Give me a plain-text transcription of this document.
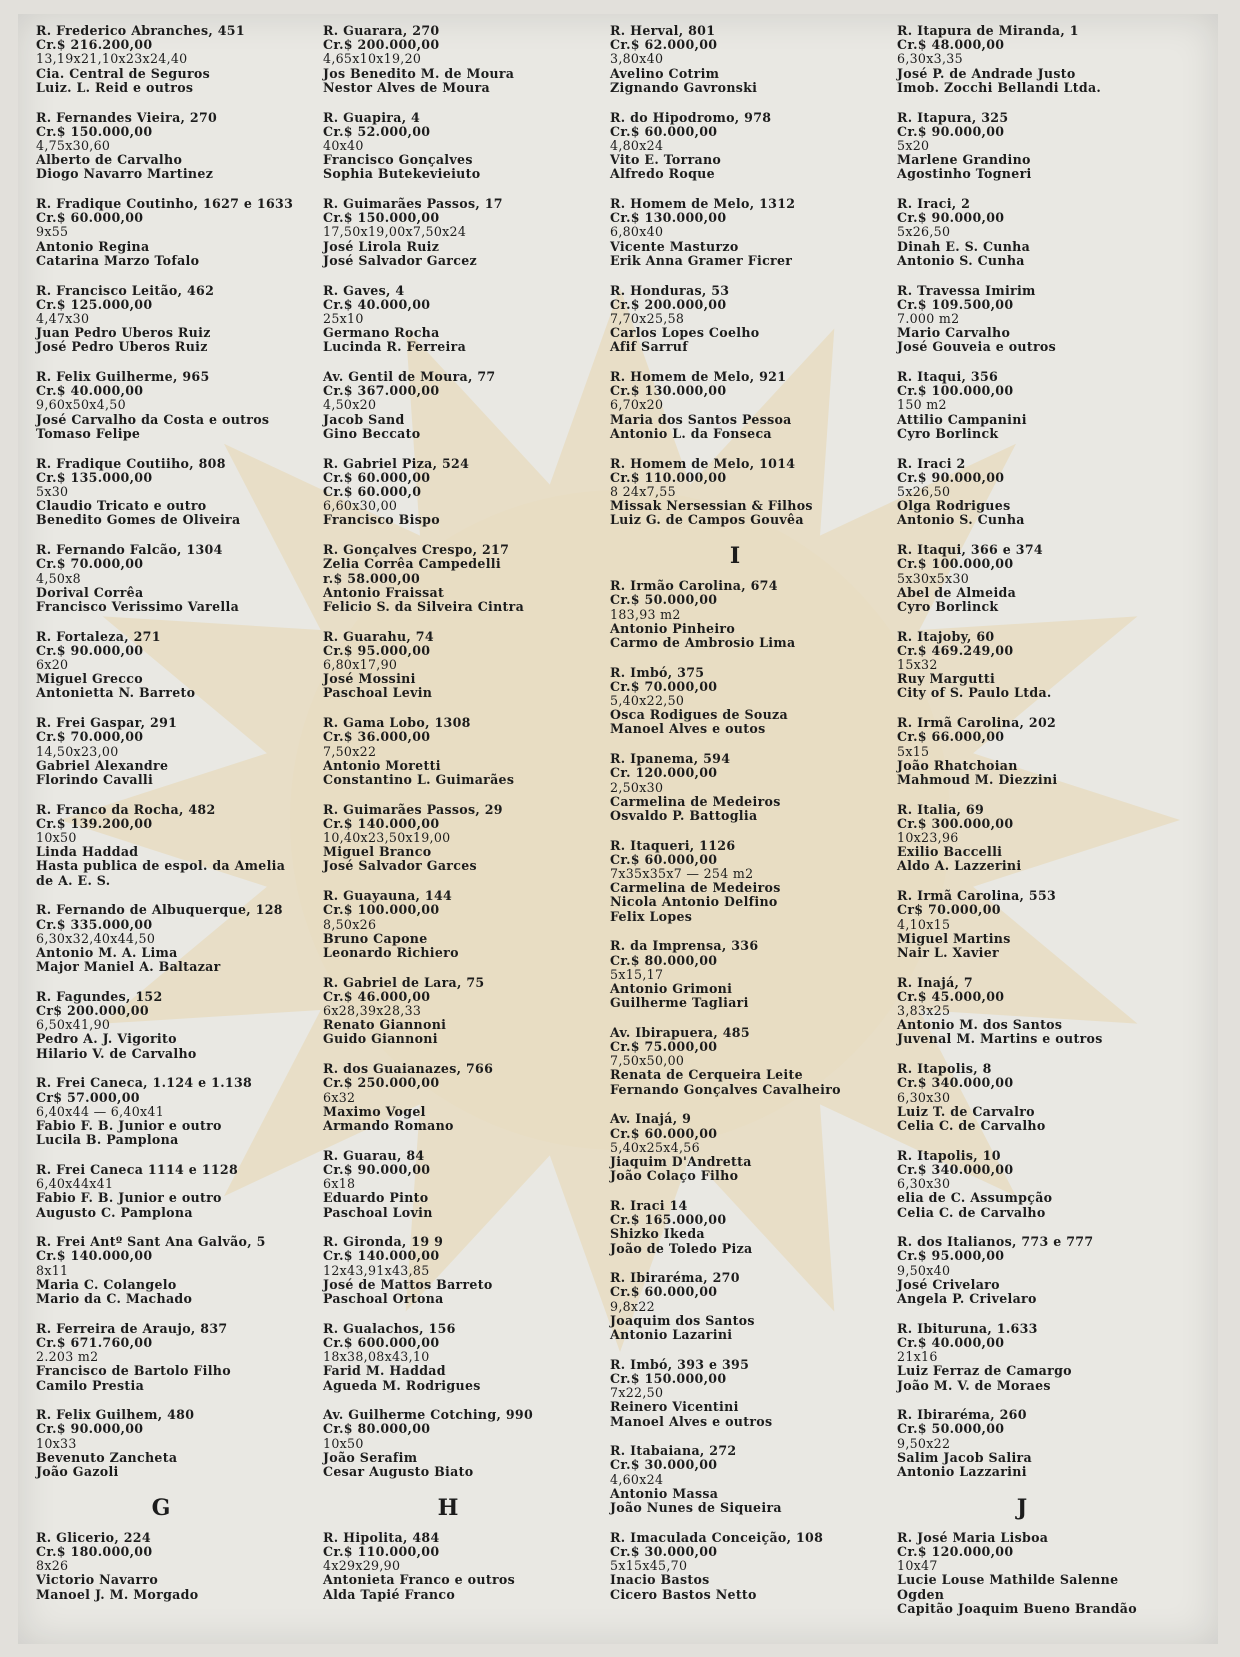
R. Frederico Abranches, 451
Cr.$ 216.200,00
13,19x21,10x23x24,40
Cia. Central de Seguros
Luiz. L. Reid e outros
R. Fernandes Vieira, 270
Cr.$ 150.000,00
4,75x30,60
Alberto de Carvalho
Diogo Navarro Martinez
R. Fradique Coutinho, 1627 e 1633
Cr.$ 60.000,00
9x55
Antonio Regina
Catarina Marzo Tofalo
R. Francisco Leitão, 462
Cr.$ 125.000,00
4,47x30
Juan Pedro Uberos Ruiz
José Pedro Uberos Ruiz
R. Felix Guilherme, 965
Cr.$ 40.000,00
9,60x50x4,50
José Carvalho da Costa e outros
Tomaso Felipe
R. Fradique Coutiiho, 808
Cr.$ 135.000,00
5x30
Claudio Tricato e outro
Benedito Gomes de Oliveira
R. Fernando Falcão, 1304
Cr.$ 70.000,00
4,50x8
Dorival Corrêa
Francisco Verissimo Varella
R. Fortaleza, 271
Cr.$ 90.000,00
6x20
Miguel Grecco
Antonietta N. Barreto
R. Frei Gaspar, 291
Cr.$ 70.000,00
14,50x23,00
Gabriel Alexandre
Florindo Cavalli
R. Franco da Rocha, 482
Cr.$ 139.200,00
10x50
Linda Haddad
Hasta publica de espol. da Amelia
de A. E. S.
R. Fernando de Albuquerque, 128
Cr.$ 335.000,00
6,30x32,40x44,50
Antonio M. A. Lima
Major Maniel A. Baltazar
R. Fagundes, 152
Cr$ 200.000,00
6,50x41,90
Pedro A. J. Vigorito
Hilario V. de Carvalho
R. Frei Caneca, 1.124 e 1.138
Cr$ 57.000,00
6,40x44 — 6,40x41
Fabio F. B. Junior e outro
Lucila B. Pamplona
R. Frei Caneca 1114 e 1128
6,40x44x41
Fabio F. B. Junior e outro
Augusto C. Pamplona
R. Frei Antº Sant Ana Galvão, 5
Cr.$ 140.000,00
8x11
Maria C. Colangelo
Mario da C. Machado
R. Ferreira de Araujo, 837
Cr.$ 671.760,00
2.203 m2
Francisco de Bartolo Filho
Camilo Prestia
R. Felix Guilhem, 480
Cr.$ 90.000,00
10x33
Bevenuto Zancheta
João Gazoli
G
R. Glicerio, 224
Cr.$ 180.000,00
8x26
Victorio Navarro
Manoel J. M. Morgado
R. Guarara, 270
Cr.$ 200.000,00
4,65x10x19,20
Jos Benedito M. de Moura
Nestor Alves de Moura
R. Guapira, 4
Cr.$ 52.000,00
40x40
Francisco Gonçalves
Sophia Butekevieiuto
R. Guimarães Passos, 17
Cr.$ 150.000,00
17,50x19,00x7,50x24
José Lirola Ruiz
José Salvador Garcez
R. Gaves, 4
Cr.$ 40.000,00
25x10
Germano Rocha
Lucinda R. Ferreira
Av. Gentil de Moura, 77
Cr.$ 367.000,00
4,50x20
Jacob Sand
Gino Beccato
R. Gabriel Piza, 524
Cr.$ 60.000,00
Cr.$ 60.000,0
6,60x30,00
Francisco Bispo
R. Gonçalves Crespo, 217
Zelia Corrêa Campedelli
r.$ 58.000,00
Antonio Fraissat
Felicio S. da Silveira Cintra
R. Guarahu, 74
Cr.$ 95.000,00
6,80x17,90
José Mossini
Paschoal Levin
R. Gama Lobo, 1308
Cr.$ 36.000,00
7,50x22
Antonio Moretti
Constantino L. Guimarães
R. Guimarães Passos, 29
Cr.$ 140.000,00
10,40x23,50x19,00
Miguel Branco
José Salvador Garces
R. Guayauna, 144
Cr.$ 100.000,00
8,50x26
Bruno Capone
Leonardo Richiero
R. Gabriel de Lara, 75
Cr.$ 46.000,00
6x28,39x28,33
Renato Giannoni
Guido Giannoni
R. dos Guaianazes, 766
Cr.$ 250.000,00
6x32
Maximo Vogel
Armando Romano
R. Guarau, 84
Cr.$ 90.000,00
6x18
Eduardo Pinto
Paschoal Lovin
R. Gironda, 19 9
Cr.$ 140.000,00
12x43,91x43,85
José de Mattos Barreto
Paschoal Ortona
R. Gualachos, 156
Cr.$ 600.000,00
18x38,08x43,10
Farid M. Haddad
Agueda M. Rodrigues
Av. Guilherme Cotching, 990
Cr.$ 80.000,00
10x50
João Serafim
Cesar Augusto Biato
H
R. Hipolita, 484
Cr.$ 110.000,00
4x29x29,90
Antonieta Franco e outros
Alda Tapié Franco
R. Herval, 801
Cr.$ 62.000,00
3,80x40
Avelino Cotrim
Zignando Gavronski
R. do Hipodromo, 978
Cr.$ 60.000,00
4,80x24
Vito E. Torrano
Alfredo Roque
R. Homem de Melo, 1312
Cr.$ 130.000,00
6,80x40
Vicente Masturzo
Erik Anna Gramer Ficrer
R. Honduras, 53
Cr.$ 200.000,00
7,70x25,58
Carlos Lopes Coelho
Afif Sarruf
R. Homem de Melo, 921
Cr.$ 130.000,00
6,70x20
Maria dos Santos Pessoa
Antonio L. da Fonseca
R. Homem de Melo, 1014
Cr.$ 110.000,00
8 24x7,55
Missak Nersessian & Filhos
Luiz G. de Campos Gouvêa
I
R. Irmão Carolina, 674
Cr.$ 50.000,00
183,93 m2
Antonio Pinheiro
Carmo de Ambrosio Lima
R. Imbó, 375
Cr.$ 70.000,00
5,40x22,50
Osca Rodigues de Souza
Manoel Alves e outos
R. Ipanema, 594
Cr. 120.000,00
2,50x30
Carmelina de Medeiros
Osvaldo P. Battoglia
R. Itaqueri, 1126
Cr.$ 60.000,00
7x35x35x7 — 254 m2
Carmelina de Medeiros
Nicola Antonio Delfino
Felix Lopes
R. da Imprensa, 336
Cr.$ 80.000,00
5x15,17
Antonio Grimoni
Guilherme Tagliari
Av. Ibirapuera, 485
Cr.$ 75.000,00
7,50x50,00
Renata de Cerqueira Leite
Fernando Gonçalves Cavalheiro
Av. Inajá, 9
Cr.$ 60.000,00
5,40x25x4,56
Jiaquim D'Andretta
João Colaço Filho
R. Iraci 14
Cr.$ 165.000,00
Shizko Ikeda
João de Toledo Piza
R. Ibiraréma, 270
Cr.$ 60.000,00
9,8x22
Joaquim dos Santos
Antonio Lazarini
R. Imbó, 393 e 395
Cr.$ 150.000,00
7x22,50
Reinero Vicentini
Manoel Alves e outros
R. Itabaiana, 272
Cr.$ 30.000,00
4,60x24
Antonio Massa
João Nunes de Siqueira
R. Imaculada Conceição, 108
Cr.$ 30.000,00
5x15x45,70
Inacio Bastos
Cicero Bastos Netto
R. Itapura de Miranda, 1
Cr.$ 48.000,00
6,30x3,35
José P. de Andrade Justo
Imob. Zocchi Bellandi Ltda.
R. Itapura, 325
Cr.$ 90.000,00
5x20
Marlene Grandino
Agostinho Togneri
R. Iraci, 2
Cr.$ 90.000,00
5x26,50
Dinah E. S. Cunha
Antonio S. Cunha
R. Travessa Imirim
Cr.$ 109.500,00
7.000 m2
Mario Carvalho
José Gouveia e outros
R. Itaqui, 356
Cr.$ 100.000,00
150 m2
Attilio Campanini
Cyro Borlinck
R. Iraci 2
Cr.$ 90.000,00
5x26,50
Olga Rodrigues
Antonio S. Cunha
R. Itaqui, 366 e 374
Cr.$ 100.000,00
5x30x5x30
Abel de Almeida
Cyro Borlinck
R. Itajoby, 60
Cr.$ 469.249,00
15x32
Ruy Margutti
City of S. Paulo Ltda.
R. Irmã Carolina, 202
Cr.$ 66.000,00
5x15
João Rhatchoian
Mahmoud M. Diezzini
R. Italia, 69
Cr.$ 300.000,00
10x23,96
Exilio Baccelli
Aldo A. Lazzerini
R. Irmã Carolina, 553
Cr$ 70.000,00
4,10x15
Miguel Martins
Nair L. Xavier
R. Inajá, 7
Cr.$ 45.000,00
3,83x25
Antonio M. dos Santos
Juvenal M. Martins e outros
R. Itapolis, 8
Cr.$ 340.000,00
6,30x30
Luiz T. de Carvalro
Celia C. de Carvalho
R. Itapolis, 10
Cr.$ 340.000,00
6,30x30
elia de C. Assumpção
Celia C. de Carvalho
R. dos Italianos, 773 e 777
Cr.$ 95.000,00
9,50x40
José Crivelaro
Angela P. Crivelaro
R. Ibituruna, 1.633
Cr.$ 40.000,00
21x16
Luiz Ferraz de Camargo
João M. V. de Moraes
R. Ibiraréma, 260
Cr.$ 50.000,00
9,50x22
Salim Jacob Salira
Antonio Lazzarini
J
R. José Maria Lisboa
Cr.$ 120.000,00
10x47
Lucie Louse Mathilde Salenne
Ogden
Capitão Joaquim Bueno Brandão
